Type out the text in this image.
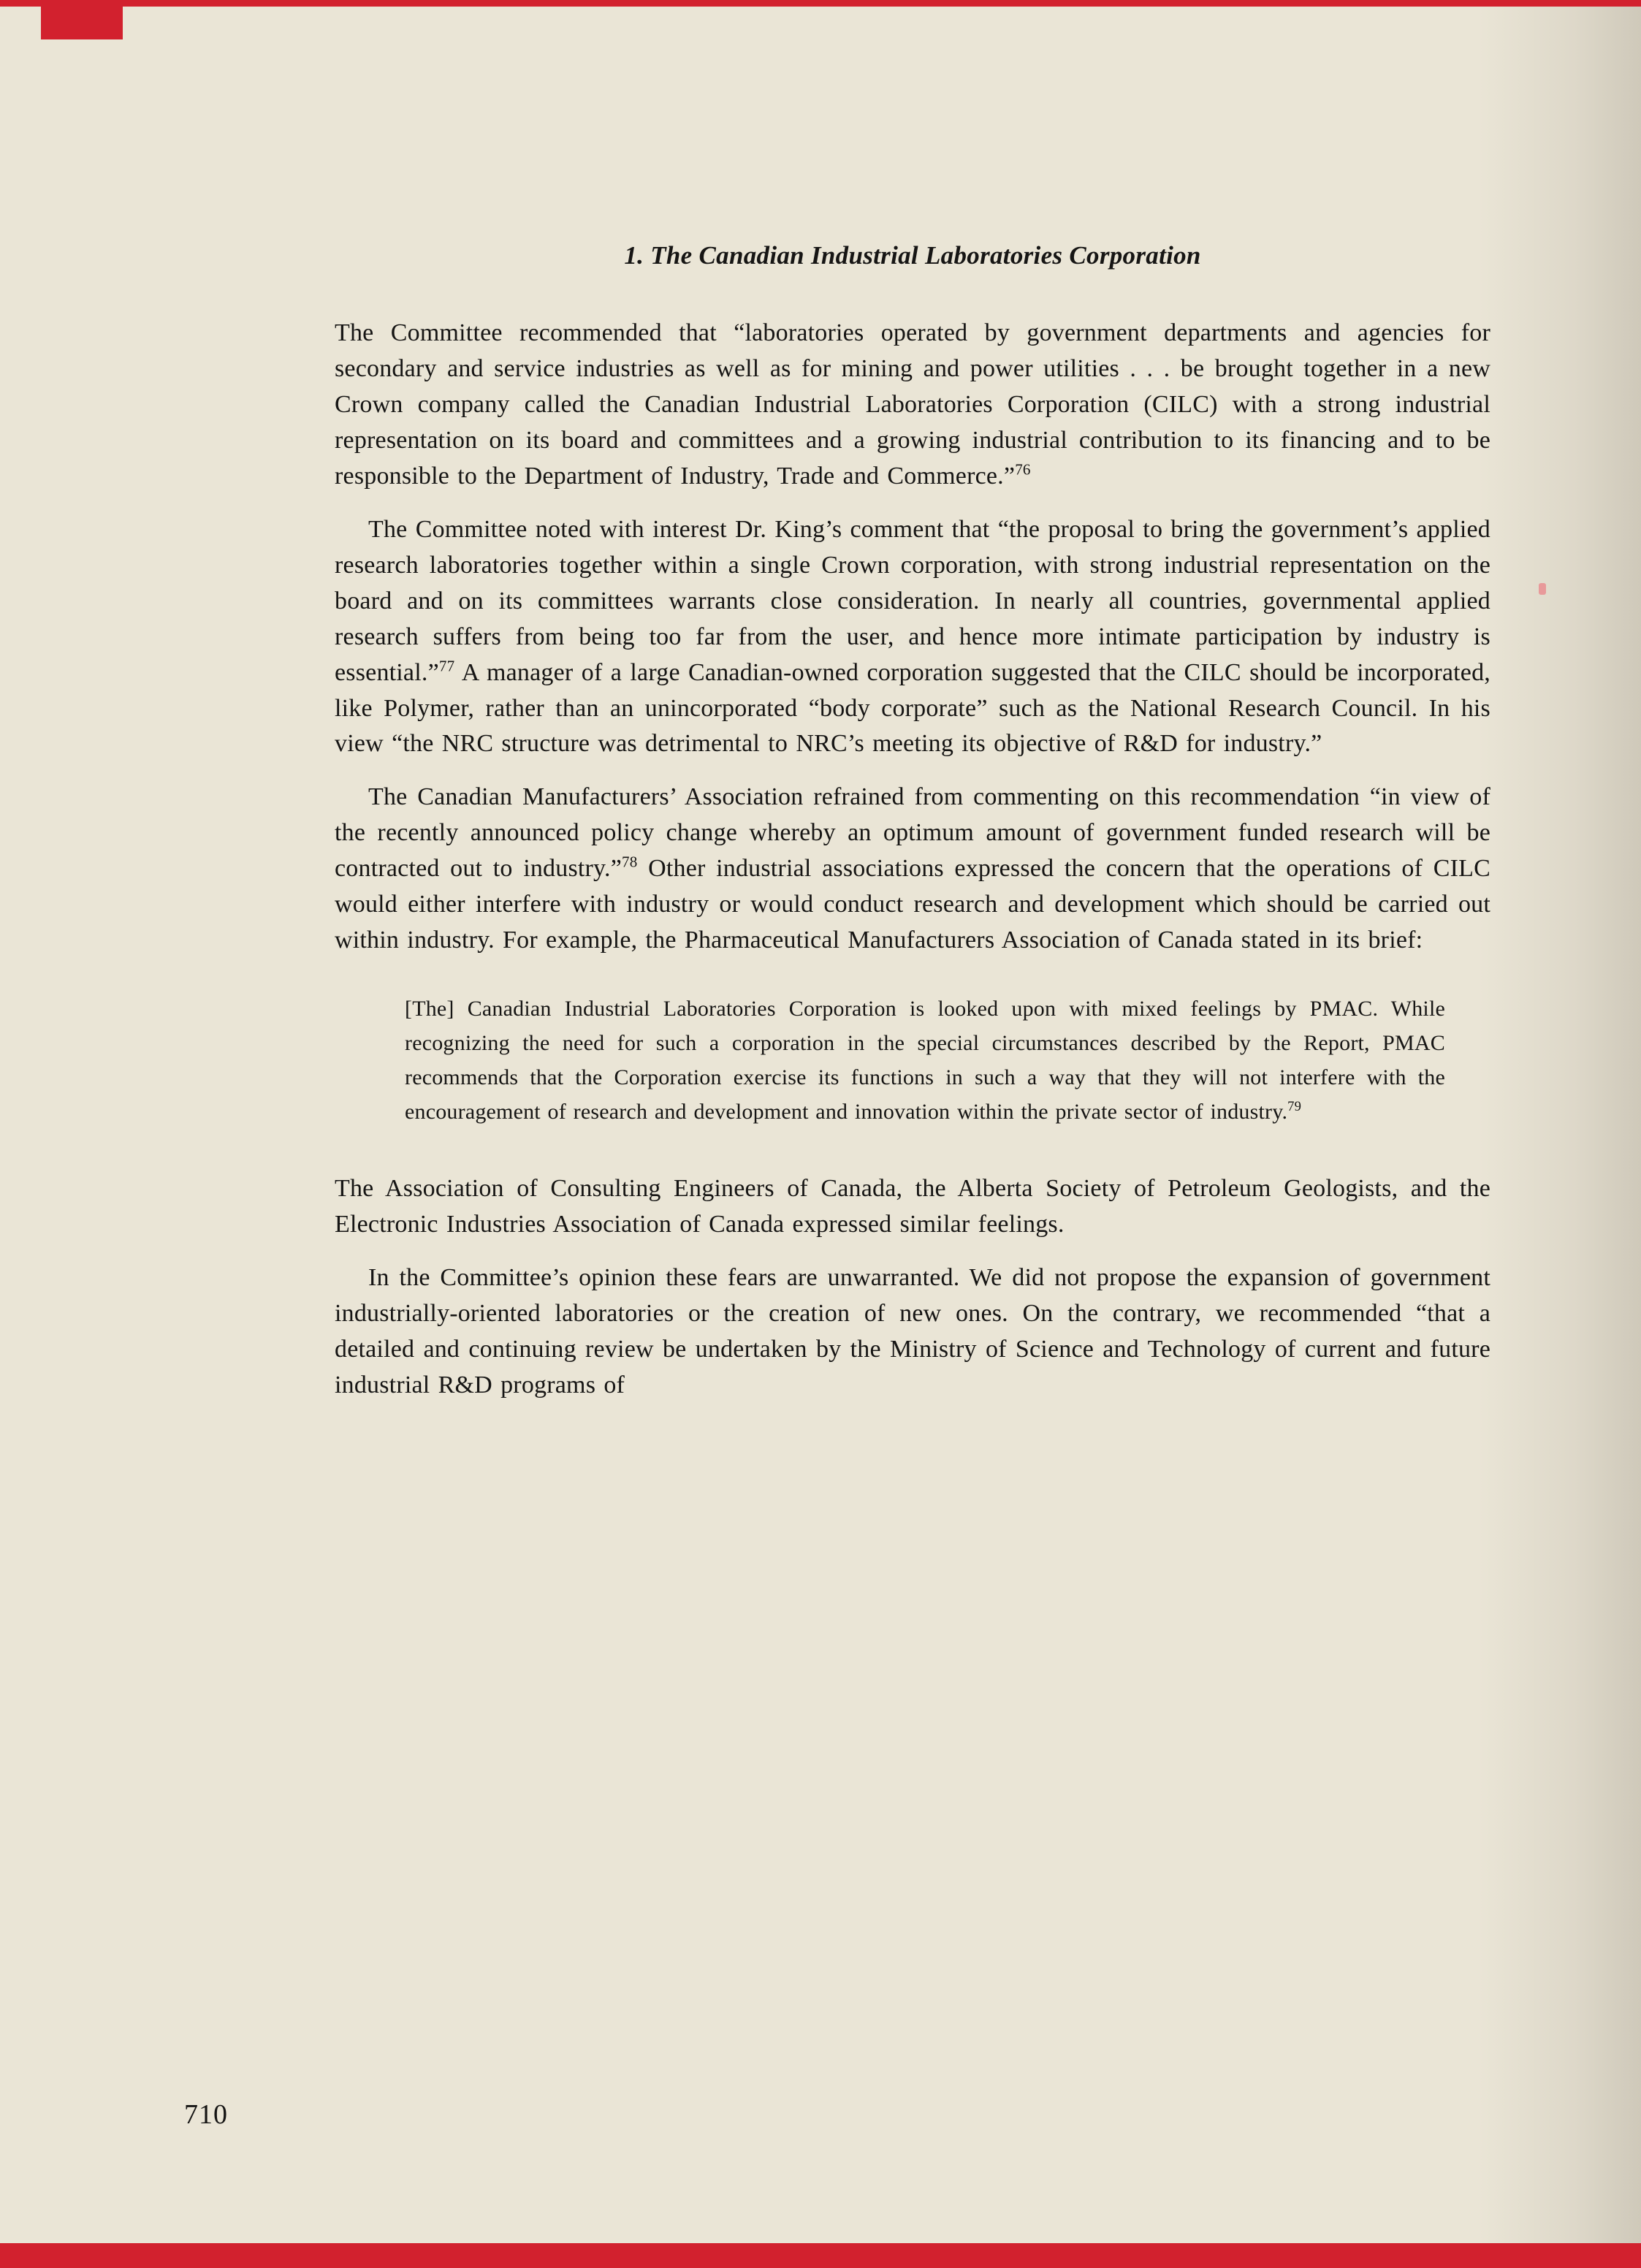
1. The Canadian Industrial Laboratories Corporation

The Committee recommended that “laboratories operated by government departments and agencies for secondary and service industries as well as for mining and power utilities . . . be brought together in a new Crown company called the Canadian Industrial Laboratories Corporation (CILC) with a strong industrial representation on its board and committees and a growing industrial contribution to its financing and to be responsible to the Department of Industry, Trade and Commerce.”$^{76}$

The Committee noted with interest Dr. King’s comment that “the proposal to bring the government’s applied research laboratories together within a single Crown corporation, with strong industrial representation on the board and on its committees warrants close consideration. In nearly all countries, governmental applied research suffers from being too far from the user, and hence more intimate participation by industry is essential.”$^{77}$ A manager of a large Canadian-owned corporation suggested that the CILC should be incorporated, like Polymer, rather than an unincorporated “body corporate” such as the National Research Council. In his view “the NRC structure was detrimental to NRC’s meeting its objective of R&D for industry.”

The Canadian Manufacturers’ Association refrained from commenting on this recommendation “in view of the recently announced policy change whereby an optimum amount of government funded research will be contracted out to industry.”$^{78}$ Other industrial associations expressed the concern that the operations of CILC would either interfere with industry or would conduct research and development which should be carried out within industry. For example, the Pharmaceutical Manufacturers Association of Canada stated in its brief:

[The] Canadian Industrial Laboratories Corporation is looked upon with mixed feelings by PMAC. While recognizing the need for such a corporation in the special circumstances described by the Report, PMAC recommends that the Corporation exercise its functions in such a way that they will not interfere with the encouragement of research and development and innovation within the private sector of industry.$^{79}$

The Association of Consulting Engineers of Canada, the Alberta Society of Petroleum Geologists, and the Electronic Industries Association of Canada expressed similar feelings.

In the Committee’s opinion these fears are unwarranted. We did not propose the expansion of government industrially-oriented laboratories or the creation of new ones. On the contrary, we recommended “that a detailed and continuing review be undertaken by the Ministry of Science and Technology of current and future industrial R&D programs of

710
